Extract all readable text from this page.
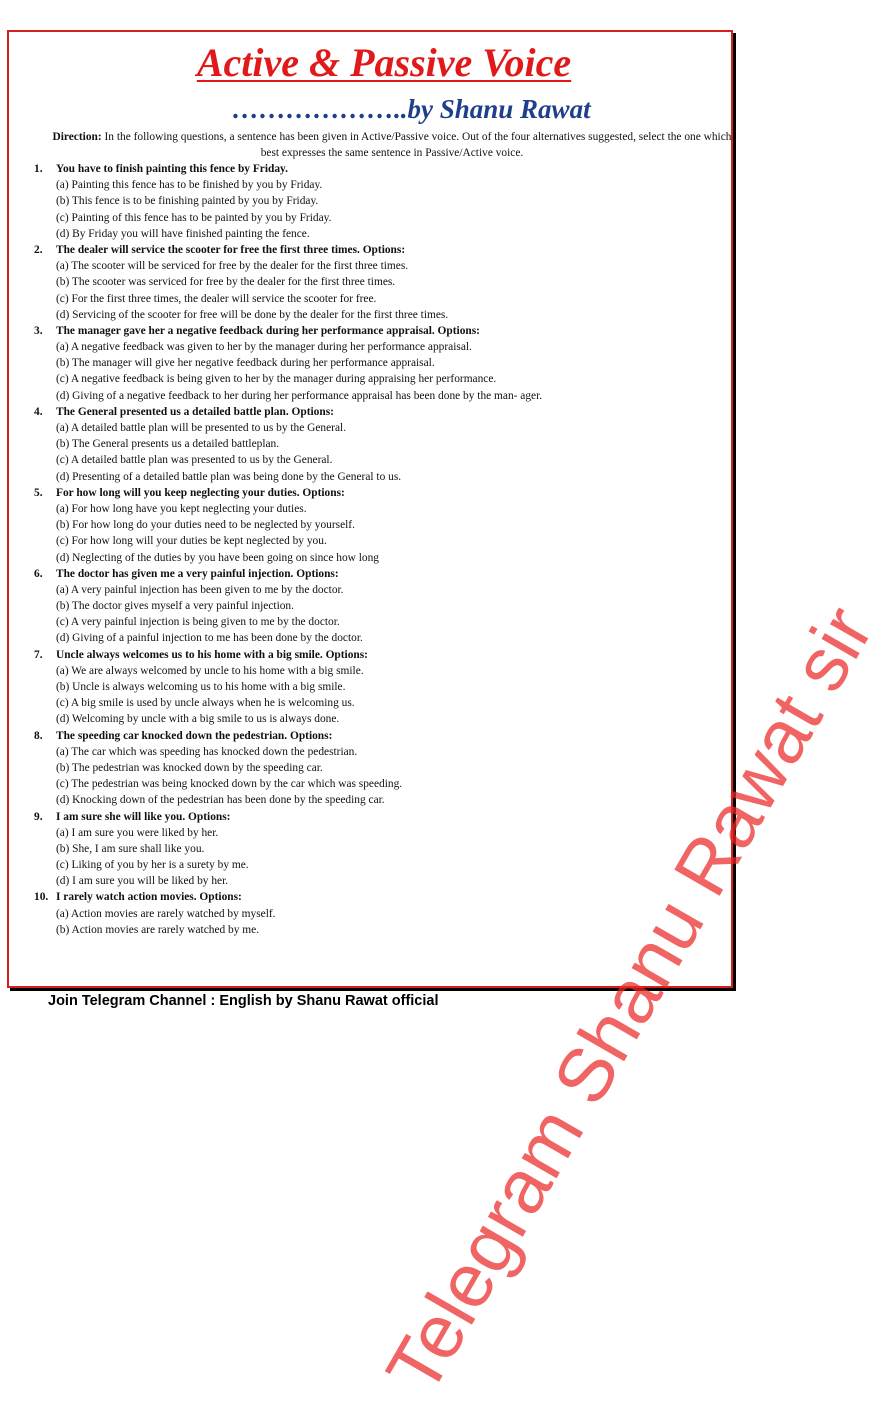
Active & Passive Voice
………………..by Shanu Rawat
Direction: In the following questions, a sentence has been given in Active/Passive voice. Out of the four alternatives suggested, select the one which best expresses the same sentence in Passive/Active voice.
1.	You have to finish painting this fence by Friday.
(a) Painting this fence has to be finished by you by Friday.
(b) This fence is to be finishing painted by you by Friday.
(c) Painting of this fence has to be painted by you by Friday.
(d) By Friday you will have finished painting the fence.
2.	The dealer will service the scooter for free the first three times. Options:
(a) The scooter will be serviced for free by the dealer for the first three times.
(b) The scooter was serviced for free by the dealer for the first three times.
(c) For the first three times, the dealer will service the scooter for free.
(d) Servicing of the scooter for free will be done by the dealer for the first three times.
3.	The manager gave her a negative feedback during her performance appraisal. Options:
(a) A negative feedback was given to her by the manager during her performance appraisal.
(b) The manager will give her negative feedback during her performance appraisal.
(c) A negative feedback is being given to her by the manager during appraising her performance.
(d) Giving of a negative feedback to her during her performance appraisal has been done by the man- ager.
4.	The General presented us a detailed battle plan. Options:
(a) A detailed battle plan will be presented to us by the General.
(b) The General presents us a detailed battleplan.
(c) A detailed battle plan was presented to us by the General.
(d) Presenting of a detailed battle plan was being done by the General to us.
5.	For how long will you keep neglecting your duties. Options:
(a) For how long have you kept neglecting your duties.
(b) For how long do your duties need to be neglected by yourself.
(c) For how long will your duties be kept neglected by you.
(d) Neglecting of the duties by you have been going on since how long
6.	The doctor has given me a very painful injection. Options:
(a) A very painful injection has been given to me by the doctor.
(b) The doctor gives myself a very painful injection.
(c) A very painful injection is being given to me by the doctor.
(d) Giving of a painful injection to me has been done by the doctor.
7.	Uncle always welcomes us to his home with a big smile. Options:
(a) We are always welcomed by uncle to his home with a big smile.
(b) Uncle is always welcoming us to his home with a big smile.
(c) A big smile is used by uncle always when he is welcoming us.
(d) Welcoming by uncle with a big smile to us is always done.
8.	The speeding car knocked down the pedestrian. Options:
(a) The car which was speeding has knocked down the pedestrian.
(b) The pedestrian was knocked down by the speeding car.
(c) The pedestrian was being knocked down by the car which was speeding.
(d) Knocking down of the pedestrian has been done by the speeding car.
9.	I am sure she will like you. Options:
(a) I am sure you were liked by her.
(b) She, I am sure shall like you.
(c) Liking of you by her is a surety by me.
(d) I am sure you will be liked by her.
10. I rarely watch action movies. Options:
(a) Action movies are rarely watched by myself.
(b) Action movies are rarely watched by me.	Telegram Shanu Rawat sir
Join Telegram Channel : English by Shanu Rawat official
